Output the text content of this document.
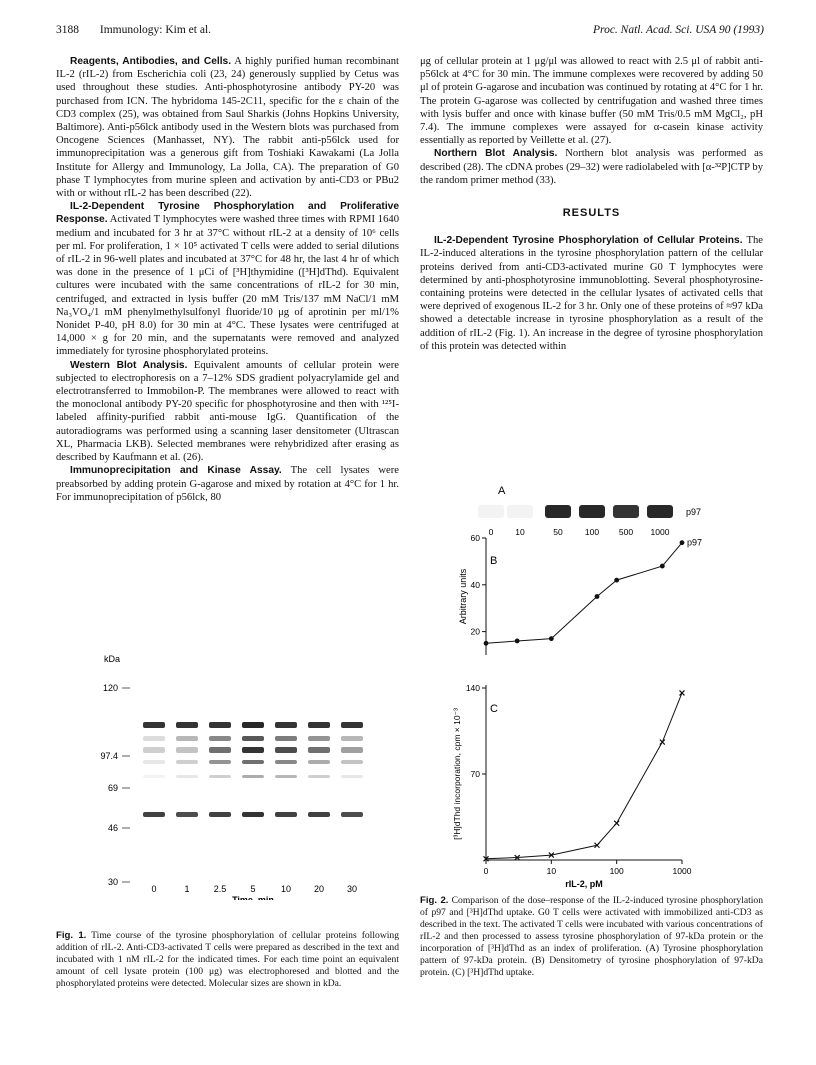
3188 Immunology: Kim et al.	Proc. Natl. Acad. Sci. USA 90 (1993)

Reagents, Antibodies, and Cells. A highly purified human recombinant IL-2 (rIL-2) from Escherichia coli (23, 24) generously supplied by Cetus was used throughout these studies. Anti-phosphotyrosine antibody PY-20 was purchased from ICN. The hybridoma 145-2C11, specific for the ε chain of the CD3 complex (25), was obtained from Saul Sharkis (Johns Hopkins University, Baltimore). Anti-p56lck antibody used in the Western blots was purchased from Oncogene Sciences (Manhasset, NY). The rabbit anti-p56lck used for immunoprecipitation was a generous gift from Toshiaki Kawakami (La Jolla Institute for Allergy and Immunology, La Jolla, CA). The preparation of G0 phase T lymphocytes from murine spleen and activation by anti-CD3 or PBu2 with or without rIL-2 has been described (22).

IL-2-Dependent Tyrosine Phosphorylation and Proliferative Response. Activated T lymphocytes were washed three times with RPMI 1640 medium and incubated for 3 hr at 37°C without rIL-2 at a density of 10⁶ cells per ml. For proliferation, 1 × 10⁵ activated T cells were added to serial dilutions of rIL-2 in 96-well plates and incubated at 37°C for 48 hr, the last 4 hr of which was done in the presence of 1 μCi of [³H]thymidine ([³H]dThd). Equivalent cultures were incubated with the same concentrations of rIL-2 for 30 min, centrifuged, and extracted in lysis buffer (20 mM Tris/137 mM NaCl/1 mM Na₃VO₄/1 mM phenylmethylsulfonyl fluoride/10 μg of aprotinin per ml/1% Nonidet P-40, pH 8.0) for 30 min at 4°C. These lysates were centrifuged at 14,000 × g for 20 min, and the supernatants were removed and analyzed immediately for tyrosine phosphorylated proteins.

Western Blot Analysis. Equivalent amounts of cellular protein were subjected to electrophoresis on a 7–12% SDS gradient polyacrylamide gel and electrotransferred to Immobilon-P. The membranes were allowed to react with the monoclonal antibody PY-20 specific for phosphotyrosine and then with ¹²⁵I-labeled affinity-purified rabbit anti-mouse IgG. Quantification of the autoradiograms was performed using a scanning laser densitometer (Ultrascan XL, Pharmacia LKB). Selected membranes were rehybridized after erasing as described by Kaufmann et al. (26).

Immunoprecipitation and Kinase Assay. The cell lysates were preabsorbed by adding protein G-agarose and mixed by rotation at 4°C for 1 hr. For immunoprecipitation of p56lck, 80

μg of cellular protein at 1 μg/μl was allowed to react with 2.5 μl of rabbit anti-p56lck at 4°C for 30 min. The immune complexes were recovered by adding 50 μl of protein G-agarose and incubation was continued by rotating at 4°C for 1 hr. The protein G-agarose was collected by centrifugation and washed three times with lysis buffer and once with kinase buffer (50 mM Tris/0.5 mM MgCl₂, pH 7.4). The immune complexes were assayed for α-casein kinase activity essentially as reported by Veillette et al. (27).

Northern Blot Analysis. Northern blot analysis was performed as described (28). The cDNA probes (29–32) were radiolabeled with [α-³²P]CTP by the random primer method (33).

RESULTS

IL-2-Dependent Tyrosine Phosphorylation of Cellular Proteins. The IL-2-induced alterations in the tyrosine phosphorylation pattern of the cellular proteins derived from anti-CD3-activated murine G0 T lymphocytes were determined by anti-phosphotyrosine immunoblotting. Several phosphotyrosine-containing proteins were detected in the cellular lysates of activated cells that were deprived of exogenous IL-2 for 3 hr. Only one of these proteins of ≈97 kDa showed a detectable increase in tyrosine phosphorylation as a result of the addition of rIL-2 (Fig. 1). An increase in the degree of tyrosine phosphorylation of this protein was detected within

kDa
120
97.4
69
46
30
0	1	2.5	5	10	20	30
Time, min
Fig. 1. Time course of the tyrosine phosphorylation of cellular proteins following addition of rIL-2. Anti-CD3-activated T cells were prepared as described in the text and incubated with 1 nM rIL-2 for the indicated times. For each time point an equivalent amount of cell lysate protein (100 μg) was electrophoresed and blotted and the phosphorylated proteins were detected. Molecular sizes are shown in kDa.
A
0	10	50	100 500 1000
p97
B
20
40
60
Arbitrary units
p97
C
70
140
[³H]dThd incorporation, cpm × 10⁻³
0	10	100	1000
rIL-2, pM
Fig. 2. Comparison of the dose–response of the IL-2-induced tyrosine phosphorylation of p97 and [³H]dThd uptake. G0 T cells were activated with immobilized anti-CD3 as described in the text. The activated T cells were incubated with various concentrations of rIL-2 and then processed to assess tyrosine phosphorylation of 97-kDa protein or the incorporation of [³H]dThd as an index of proliferation. (A) Tyrosine phosphorylation pattern of 97-kDa protein. (B) Densitometry of tyrosine phosphorylation of 97-kDa protein. (C) [³H]dThd uptake.
